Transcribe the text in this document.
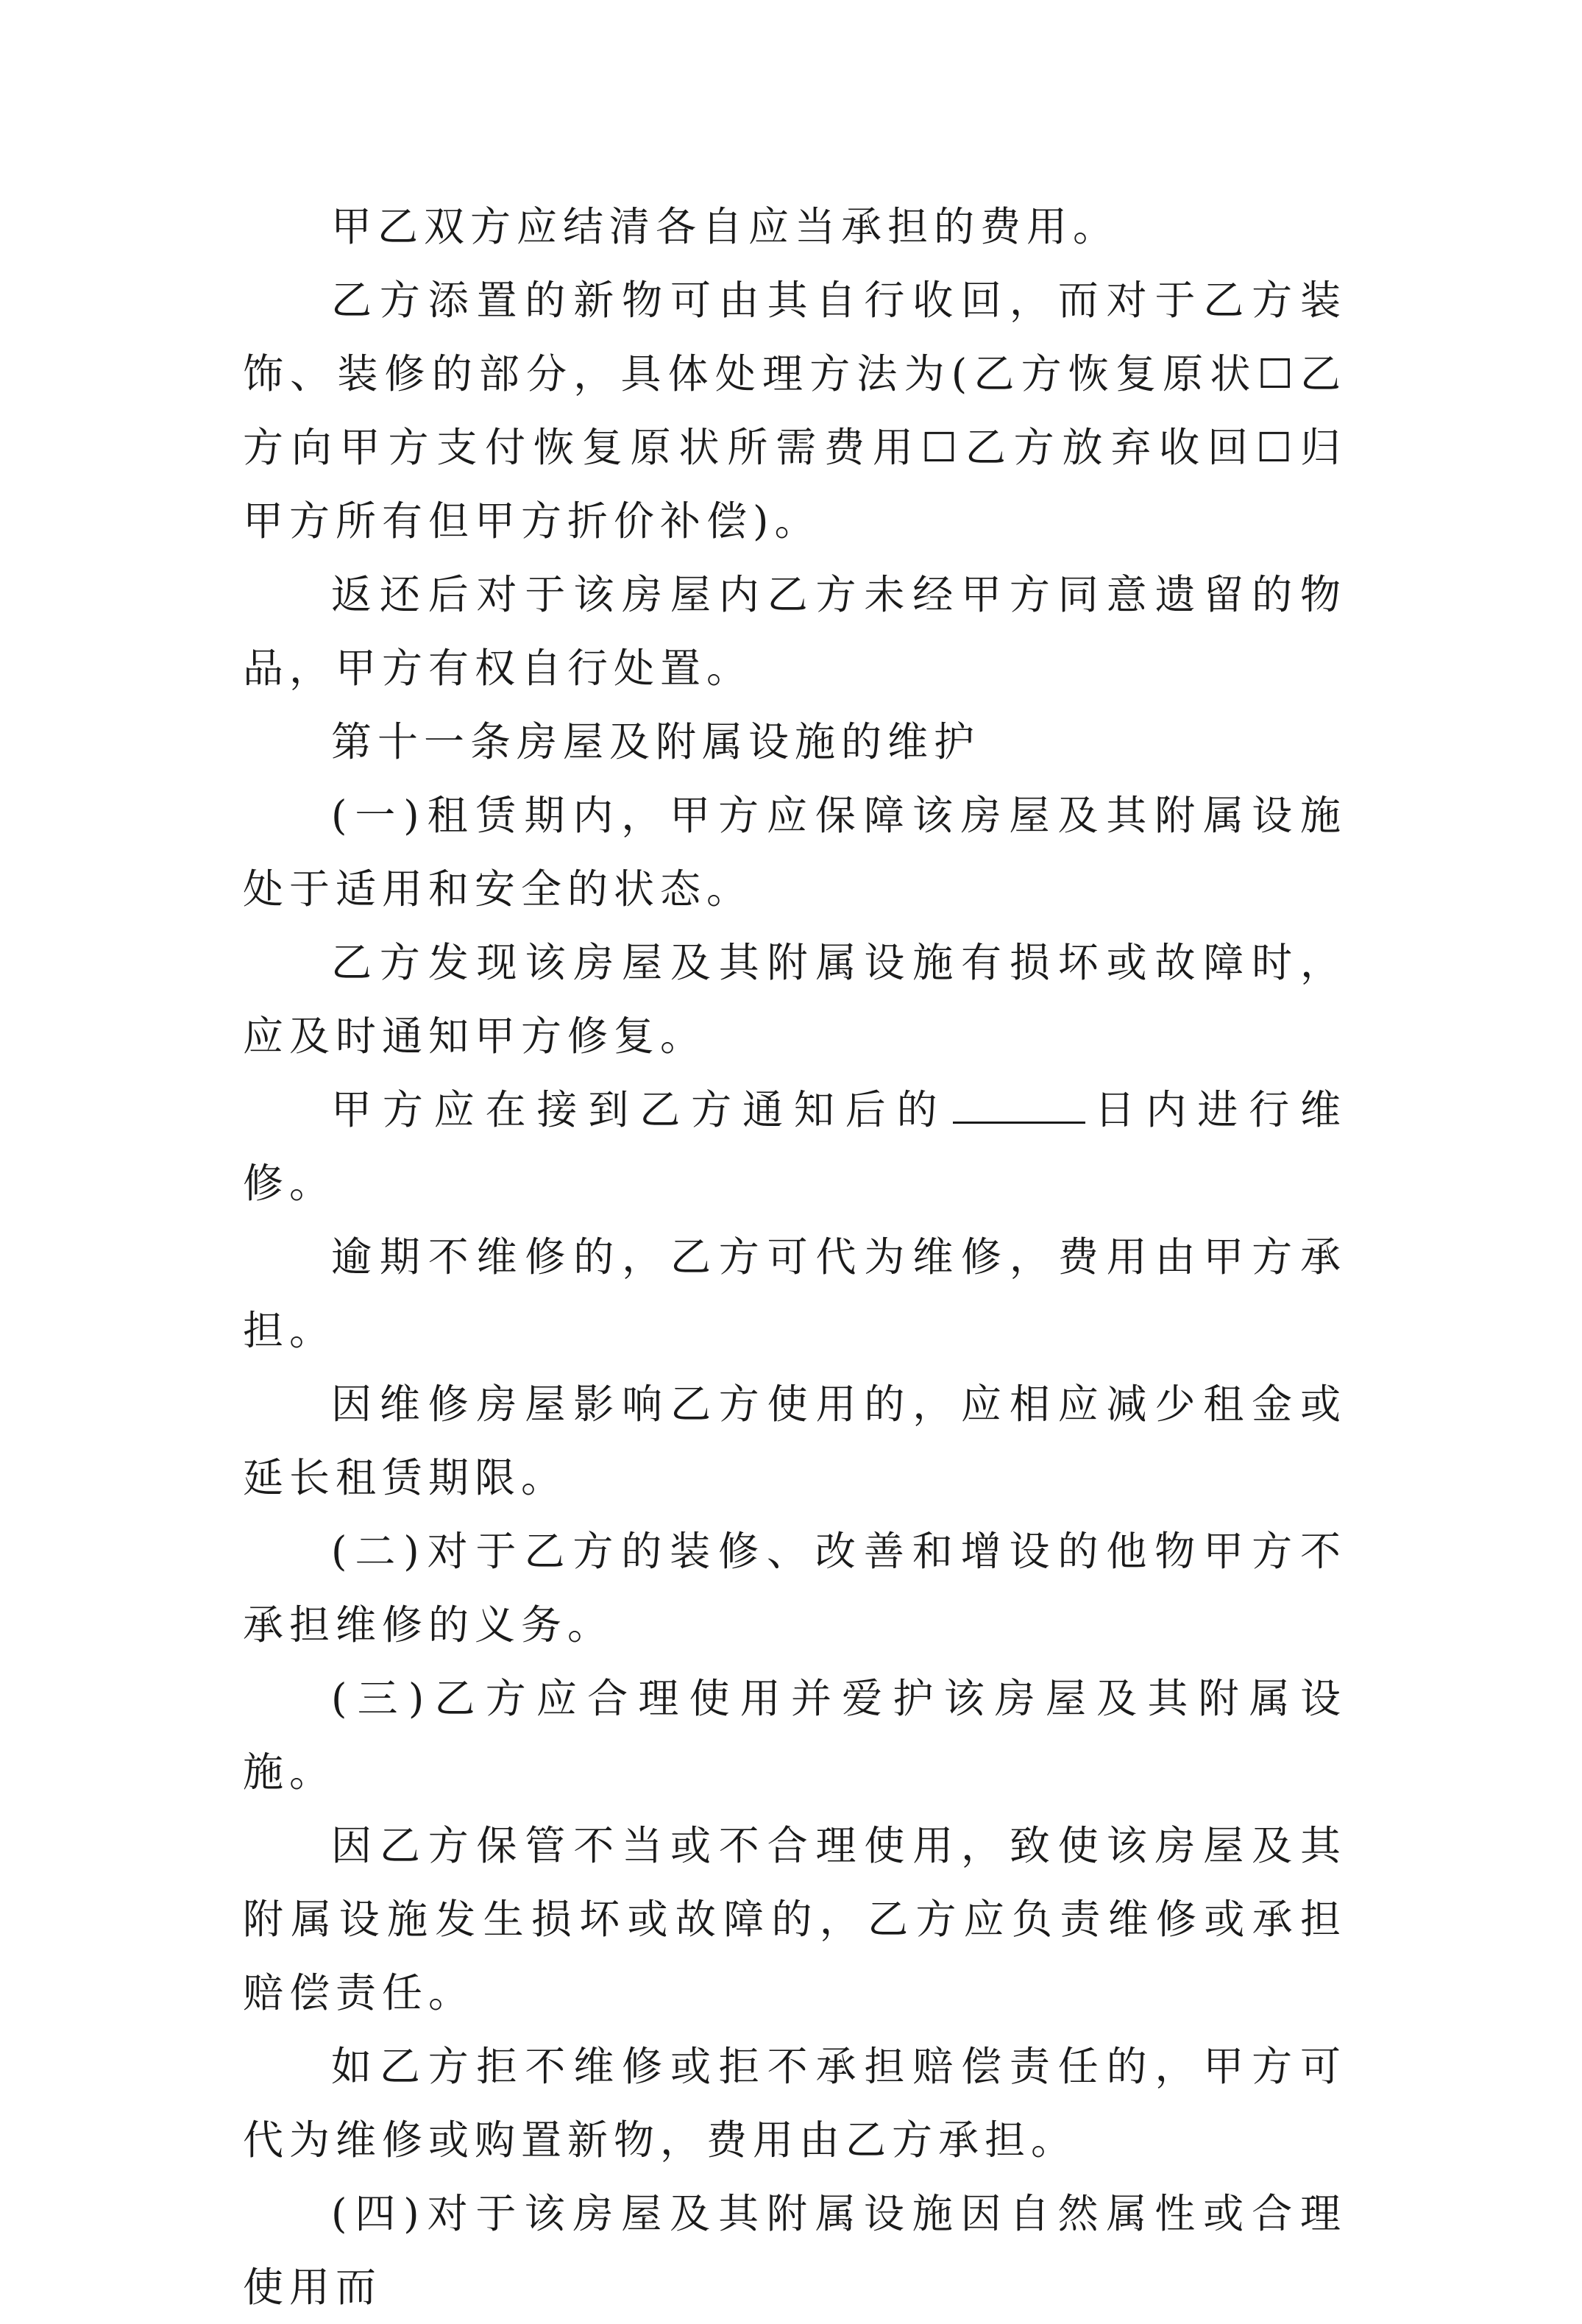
甲乙双方应结清各自应当承担的费用。

乙方添置的新物可由其自行收回，而对于乙方装饰、装修的部分，具体处理方法为(乙方恢复原状☐乙方向甲方支付恢复原状所需费用☐乙方放弃收回☐归甲方所有但甲方折价补偿)。

返还后对于该房屋内乙方未经甲方同意遗留的物品，甲方有权自行处置。

第十一条房屋及附属设施的维护

(一)租赁期内，甲方应保障该房屋及其附属设施处于适用和安全的状态。

乙方发现该房屋及其附属设施有损坏或故障时，应及时通知甲方修复。

甲方应在接到乙方通知后的	日内进行维修。

逾期不维修的，乙方可代为维修，费用由甲方承担。

因维修房屋影响乙方使用的，应相应减少租金或延长租赁期限。

(二)对于乙方的装修、改善和增设的他物甲方不承担维修的义务。

(三)乙方应合理使用并爱护该房屋及其附属设施。

因乙方保管不当或不合理使用，致使该房屋及其附属设施发生损坏或故障的，乙方应负责维修或承担赔偿责任。

如乙方拒不维修或拒不承担赔偿责任的，甲方可代为维修或购置新物，费用由乙方承担。

(四)对于该房屋及其附属设施因自然属性或合理使用而
